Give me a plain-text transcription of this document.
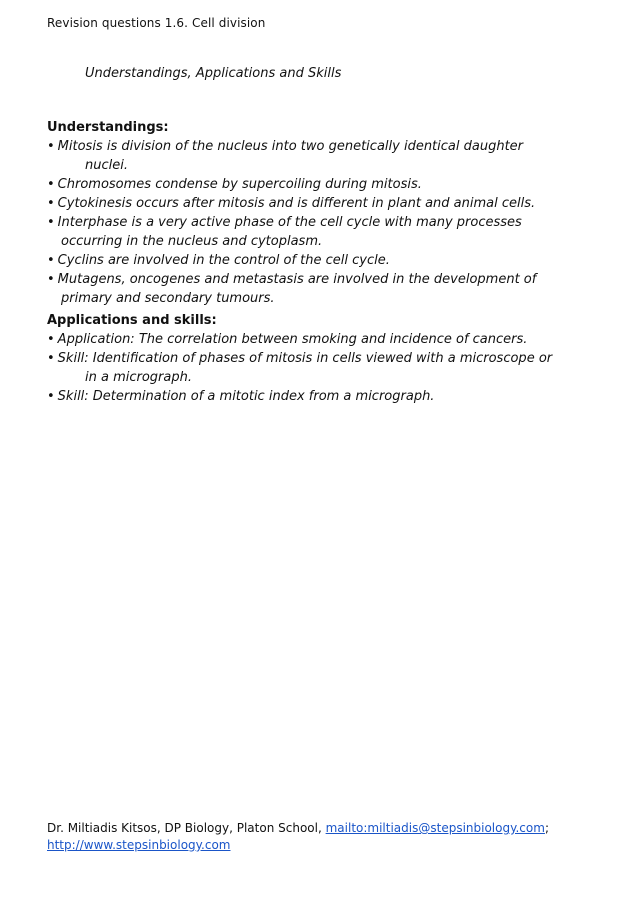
Revision questions 1.6. Cell division
Understandings, Applications and Skills
Understandings:
• Mitosis is division of the nucleus into two genetically identical daughter
nuclei.
• Chromosomes condense by supercoiling during mitosis.
• Cytokinesis occurs after mitosis and is different in plant and animal cells.
• Interphase is a very active phase of the cell cycle with many processes
occurring in the nucleus and cytoplasm.
• Cyclins are involved in the control of the cell cycle.
• Mutagens, oncogenes and metastasis are involved in the development of
primary and secondary tumours.
Applications and skills:
• Application: The correlation between smoking and incidence of cancers.
• Skill: Identification of phases of mitosis in cells viewed with a microscope or
in a micrograph.
• Skill: Determination of a mitotic index from a micrograph.
Dr. Miltiadis Kitsos, DP Biology, Platon School, mailto:miltiadis@stepsinbiology.com;
http://www.stepsinbiology.com
